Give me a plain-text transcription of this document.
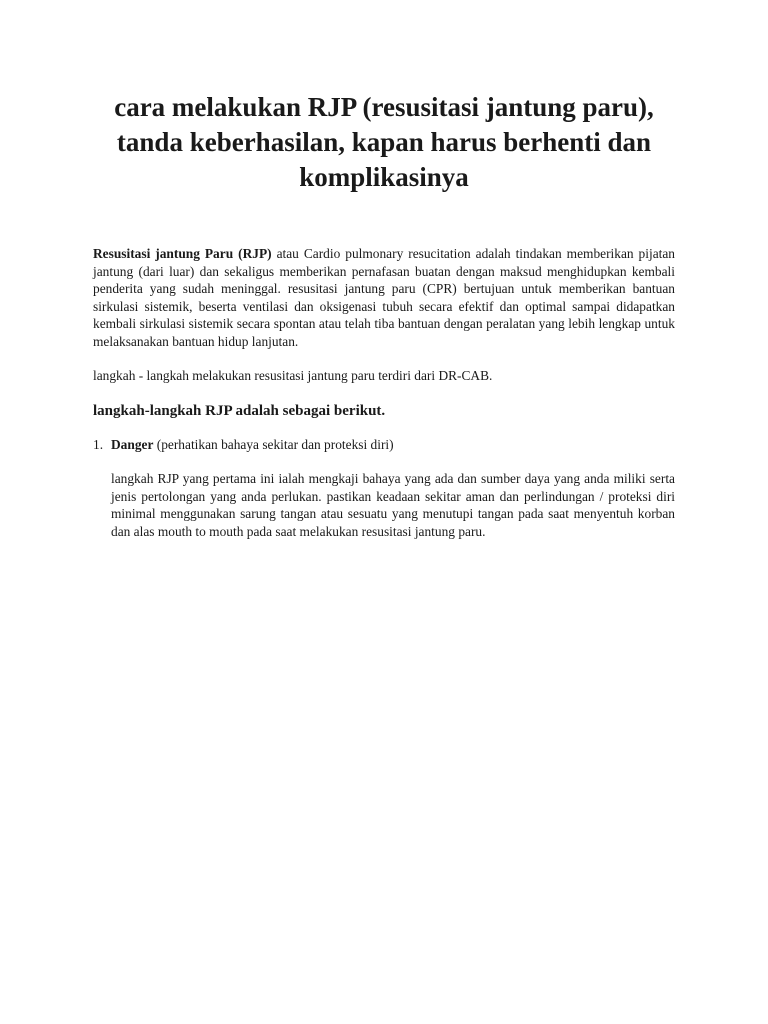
cara melakukan RJP (resusitasi jantung paru), tanda keberhasilan, kapan harus berhenti dan komplikasinya

Resusitasi jantung Paru (RJP) atau Cardio pulmonary resucitation adalah tindakan memberikan pijatan jantung (dari luar) dan sekaligus memberikan pernafasan buatan dengan maksud menghidupkan kembali penderita yang sudah meninggal. resusitasi jantung paru (CPR) bertujuan untuk memberikan bantuan sirkulasi sistemik, beserta ventilasi dan oksigenasi tubuh secara efektif dan optimal sampai didapatkan kembali sirkulasi sistemik secara spontan atau telah tiba bantuan dengan peralatan yang lebih lengkap untuk melaksanakan bantuan hidup lanjutan.

langkah - langkah melakukan resusitasi jantung paru terdiri dari DR-CAB.

langkah-langkah RJP adalah sebagai berikut.
1. Danger (perhatikan bahaya sekitar dan proteksi diri)

langkah RJP yang pertama ini ialah mengkaji bahaya yang ada dan sumber daya yang anda miliki serta jenis pertolongan yang anda perlukan. pastikan keadaan sekitar aman dan perlindungan / proteksi diri minimal menggunakan sarung tangan atau sesuatu yang menutupi tangan pada saat menyentuh korban dan alas mouth to mouth pada saat melakukan resusitasi jantung paru.
